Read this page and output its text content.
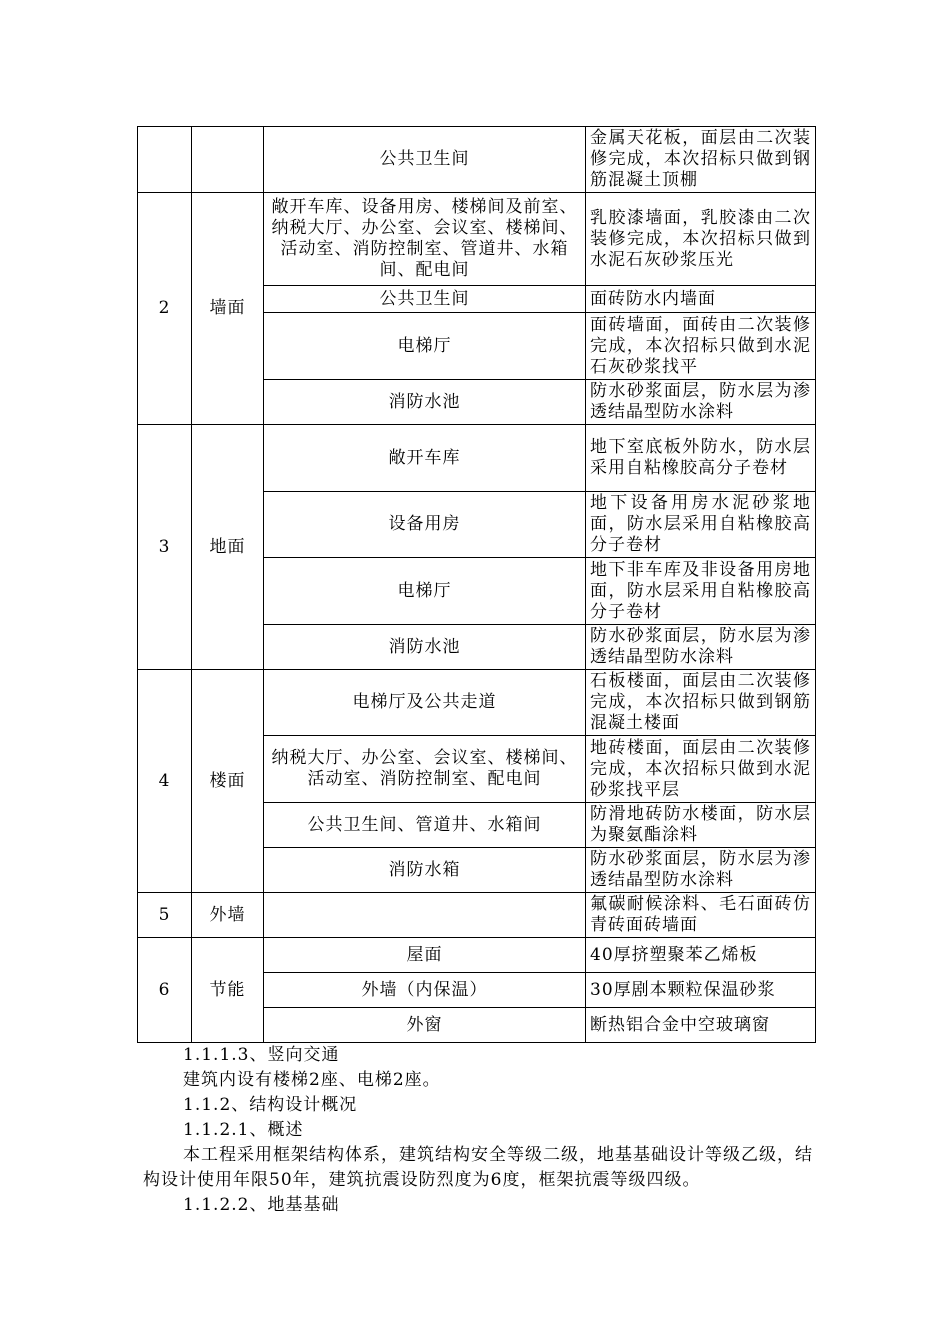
		公共卫生间	金属天花板，面层由二次装修完成，本次招标只做到钢筋混凝土顶棚
2	墙面	敞开车库、设备用房、楼梯间及前室、纳税大厅、办公室、会议室、楼梯间、活动室、消防控制室、管道井、水箱间、配电间	乳胶漆墙面，乳胶漆由二次装修完成，本次招标只做到水泥石灰砂浆压光
		公共卫生间	面砖防水内墙面
		电梯厅	面砖墙面，面砖由二次装修完成，本次招标只做到水泥石灰砂浆找平
		消防水池	防水砂浆面层，防水层为渗透结晶型防水涂料
3	地面	敞开车库	地下室底板外防水，防水层采用自粘橡胶高分子卷材
		设备用房	地下设备用房水泥砂浆地面，防水层采用自粘橡胶高分子卷材
		电梯厅	地下非车库及非设备用房地面，防水层采用自粘橡胶高分子卷材
		消防水池	防水砂浆面层，防水层为渗透结晶型防水涂料
4	楼面	电梯厅及公共走道	石板楼面，面层由二次装修完成，本次招标只做到钢筋混凝土楼面
		纳税大厅、办公室、会议室、楼梯间、活动室、消防控制室、配电间	地砖楼面，面层由二次装修完成，本次招标只做到水泥砂浆找平层
		公共卫生间、管道井、水箱间	防滑地砖防水楼面，防水层为聚氨酯涂料
		消防水箱	防水砂浆面层，防水层为渗透结晶型防水涂料
5	外墙		氟碳耐候涂料、毛石面砖仿青砖面砖墙面
6	节能	屋面	40厚挤塑聚苯乙烯板
		外墙（内保温）	30厚剧本颗粒保温砂浆
		外窗	断热铝合金中空玻璃窗

1.1.1.3、竖向交通

建筑内设有楼梯2座、电梯2座。

1.1.2、结构设计概况

1.1.2.1、概述

本工程采用框架结构体系，建筑结构安全等级二级，地基基础设计等级乙级，结构设计使用年限50年，建筑抗震设防烈度为6度，框架抗震等级四级。

1.1.2.2、地基基础
